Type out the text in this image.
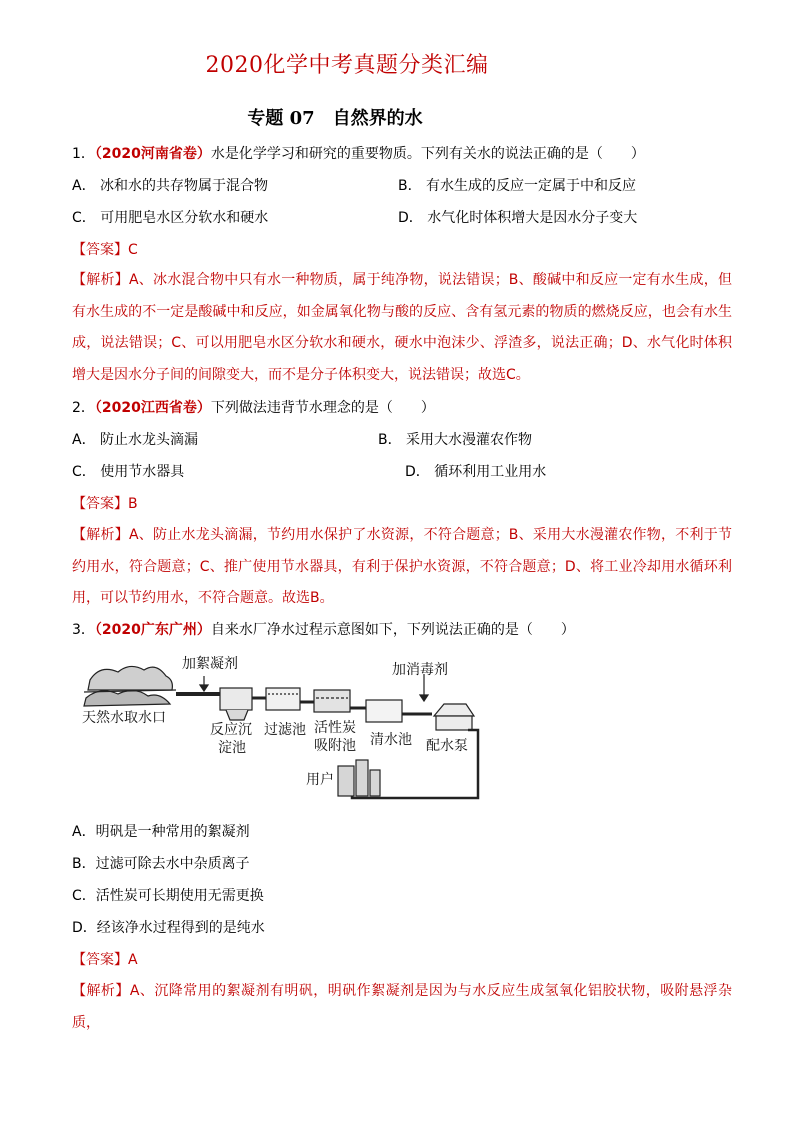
2020化学中考真题分类汇编
专题 07　自然界的水
1．（2020河南省卷）水是化学学习和研究的重要物质。下列有关水的说法正确的是（　　）
A． 冰和水的共存物属于混合物	B． 有水生成的反应一定属于中和反应
C． 可用肥皂水区分软水和硬水	D． 水气化时体积增大是因水分子变大
【答案】C
【解析】A、冰水混合物中只有水一种物质，属于纯净物，说法错误；B、酸碱中和反应一定有水生成，但有水生成的不一定是酸碱中和反应，如金属氧化物与酸的反应、含有氢元素的物质的燃烧反应，也会有水生成，说法错误；C、可以用肥皂水区分软水和硬水，硬水中泡沫少、浮渣多，说法正确；D、水气化时体积增大是因水分子间的间隙变大，而不是分子体积变大，说法错误；故选C。
2．（2020江西省卷）下列做法违背节水理念的是（　　）
A． 防止水龙头滴漏	B． 采用大水漫灌农作物
C． 使用节水器具	D． 循环利用工业用水
【答案】B
【解析】A、防止水龙头滴漏，节约用水保护了水资源，不符合题意；B、采用大水漫灌农作物，不利于节约用水，符合题意；C、推广使用节水器具，有利于保护水资源，不符合题意；D、将工业冷却用水循环利用，可以节约用水，不符合题意。故选B。
3．（2020广东广州）自来水厂净水过程示意图如下，下列说法正确的是（　　）
加絮凝剂	加消毒剂
天然水取水口
反应沉
淀池
过滤池 活性炭
吸附池 清水池 配水泵
用户
A．明矾是一种常用的絮凝剂
B．过滤可除去水中杂质离子
C．活性炭可长期使用无需更换
D．经该净水过程得到的是纯水
【答案】A
【解析】A、沉降常用的絮凝剂有明矾，明矾作絮凝剂是因为与水反应生成氢氧化铝胶状物，吸附悬浮杂质，
